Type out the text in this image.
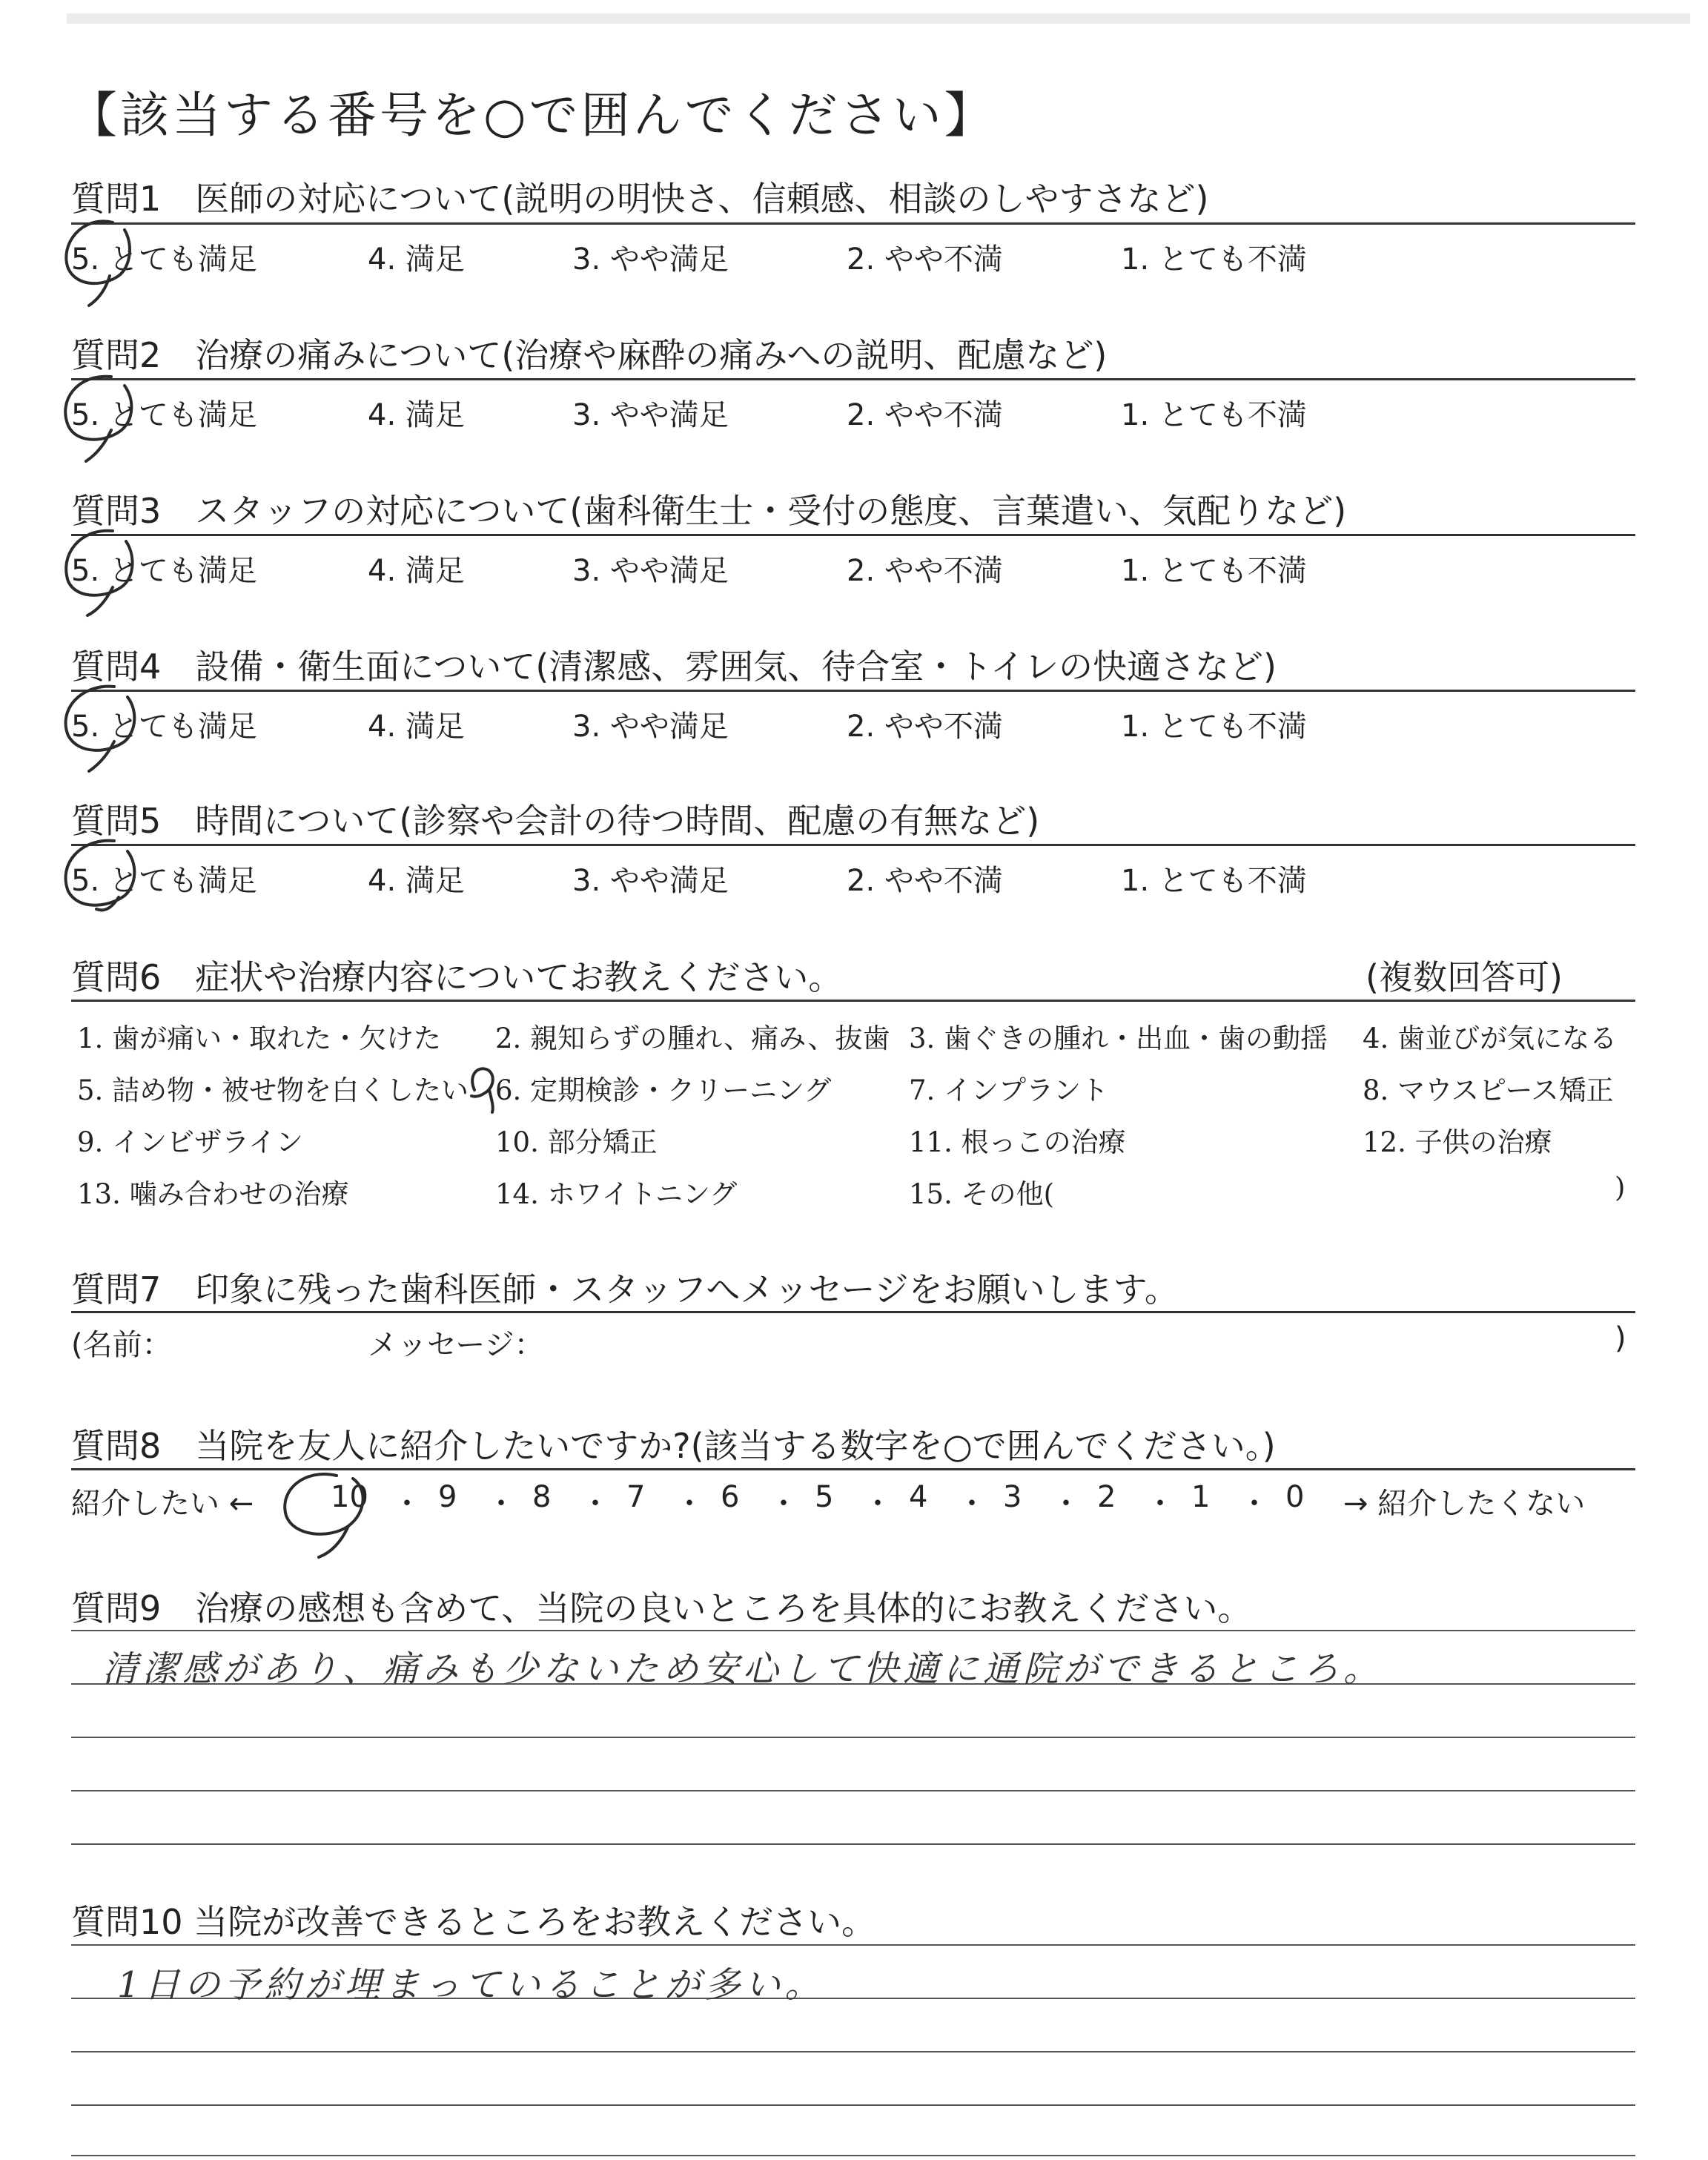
【該当する番号を○で囲んでください】
質問1　医師の対応について(説明の明快さ、信頼感、相談のしやすさなど)
5. とても満足	4. 満足	3. やや満足	2. やや不満	1. とても不満
質問2　治療の痛みについて(治療や麻酔の痛みへの説明、配慮など)
5. とても満足	4. 満足	3. やや満足	2. やや不満	1. とても不満
質問3　スタッフの対応について(歯科衛生士・受付の態度、言葉遣い、気配りなど)
5. とても満足	4. 満足	3. やや満足	2. やや不満	1. とても不満
質問4　設備・衛生面について(清潔感、雰囲気、待合室・トイレの快適さなど)
5. とても満足	4. 満足	3. やや満足	2. やや不満	1. とても不満
質問5　時間について(診察や会計の待つ時間、配慮の有無など)
5. とても満足	4. 満足	3. やや満足	2. やや不満	1. とても不満
質問6　症状や治療内容についてお教えください。	(複数回答可)
1. 歯が痛い・取れた・欠けた 2. 親知らずの腫れ、痛み、抜歯 3. 歯ぐきの腫れ・出血・歯の動揺 4. 歯並びが気になる
5. 詰め物・被せ物を白くしたい 6. 定期検診・クリーニング	7. インプラント	8. マウスピース矯正
9. インビザライン	10. 部分矯正	11. 根っこの治療	12. 子供の治療
13. 噛み合わせの治療	14. ホワイトニング	15. その他(	)
質問7　印象に残った歯科医師・スタッフへメッセージをお願いします。
(名前：	メッセージ：	)
質問8　当院を友人に紹介したいですか?(該当する数字を○で囲んでください。)
紹介したい ←	10 ・ 9 ・ 8 ・ 7 ・ 6 ・ 5 ・ 4 ・ 3 ・ 2 ・ 1 ・ 0 → 紹介したくない
質問9　治療の感想も含めて、当院の良いところを具体的にお教えください。
清潔感があり、痛みも少ないため安心して快適に通院ができるところ。
質問10 当院が改善できるところをお教えください。
1日の予約が埋まっていることが多い。
